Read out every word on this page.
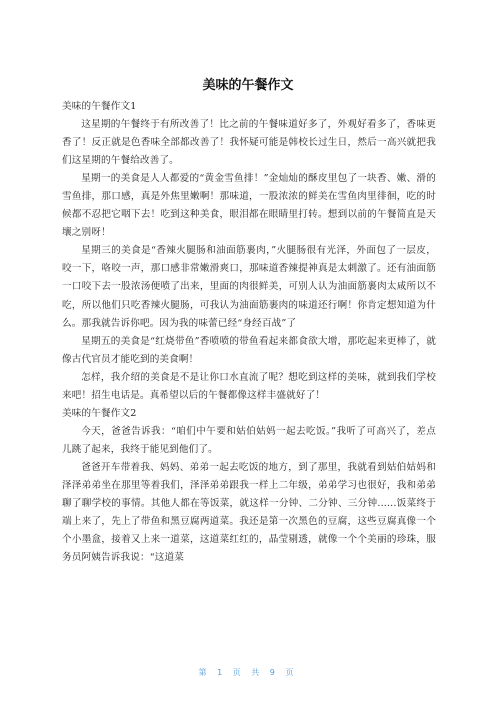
美味的午餐作文

美味的午餐作文1

这星期的午餐终于有所改善了！比之前的午餐味道好多了，外观好看多了，香味更香了！反正就是色香味全部都改善了！我怀疑可能是韩校长过生日，然后一高兴就把我们这星期的午餐给改善了。

星期一的美食是人人都爱的“黄金雪鱼排！”金灿灿的酥皮里包了一块香、嫩、滑的雪鱼排，那口感，真是外焦里嫩啊！那味道，一股浓浓的鲜美在雪鱼肉里徘徊，吃的时候都不忍把它咽下去！吃到这种美食，眼泪都在眼睛里打转。想到以前的午餐简直是天壤之别呀！

星期三的美食是“香辣火腿肠和油面筋裹肉，”火腿肠很有光泽，外面包了一层皮，咬一下，咯咬一声，那口感非常嫩滑爽口，那味道香辣提神真是太刺激了。还有油面筋一口咬下去一股浓汤便喷了出来，里面的肉很鲜美，可别人认为油面筋裹肉太咸所以不吃，所以他们只吃香辣火腿肠，可我认为油面筋裹肉的味道还行啊！你肯定想知道为什么。那我就告诉你吧。因为我的味蕾已经“身经百战”了

星期五的美食是“红烧带鱼”香喷喷的带鱼看起来都食欲大增，那吃起来更棒了，就像古代官员才能吃到的美食啊！

怎样，我介绍的美食是不是让你口水直流了呢？想吃到这样的美味，就到我们学校来吧！招生电话是。真希望以后的午餐都像这样丰盛就好了！

美味的午餐作文2

今天，爸爸告诉我：“咱们中午要和姑伯姑妈一起去吃饭。”我听了可高兴了，差点儿跳了起来，我终于能见到他们了。

爸爸开车带着我、妈妈、弟弟一起去吃饭的地方，到了那里，我就看到姑伯姑妈和泽泽弟弟坐在那里等着我们，泽泽弟弟跟我一样上二年级，弟弟学习也很好，我和弟弟聊了聊学校的事情。其他人都在等饭菜，就这样一分钟、二分钟、三分钟......饭菜终于端上来了，先上了带鱼和黑豆腐两道菜。我还是第一次黑色的豆腐，这些豆腐真像一个个小墨盒，接着又上来一道菜，这道菜红红的，晶莹剔透，就像一个个美丽的珍珠，服务员阿姨告诉我说：“这道菜

第 1 页 共 9 页
